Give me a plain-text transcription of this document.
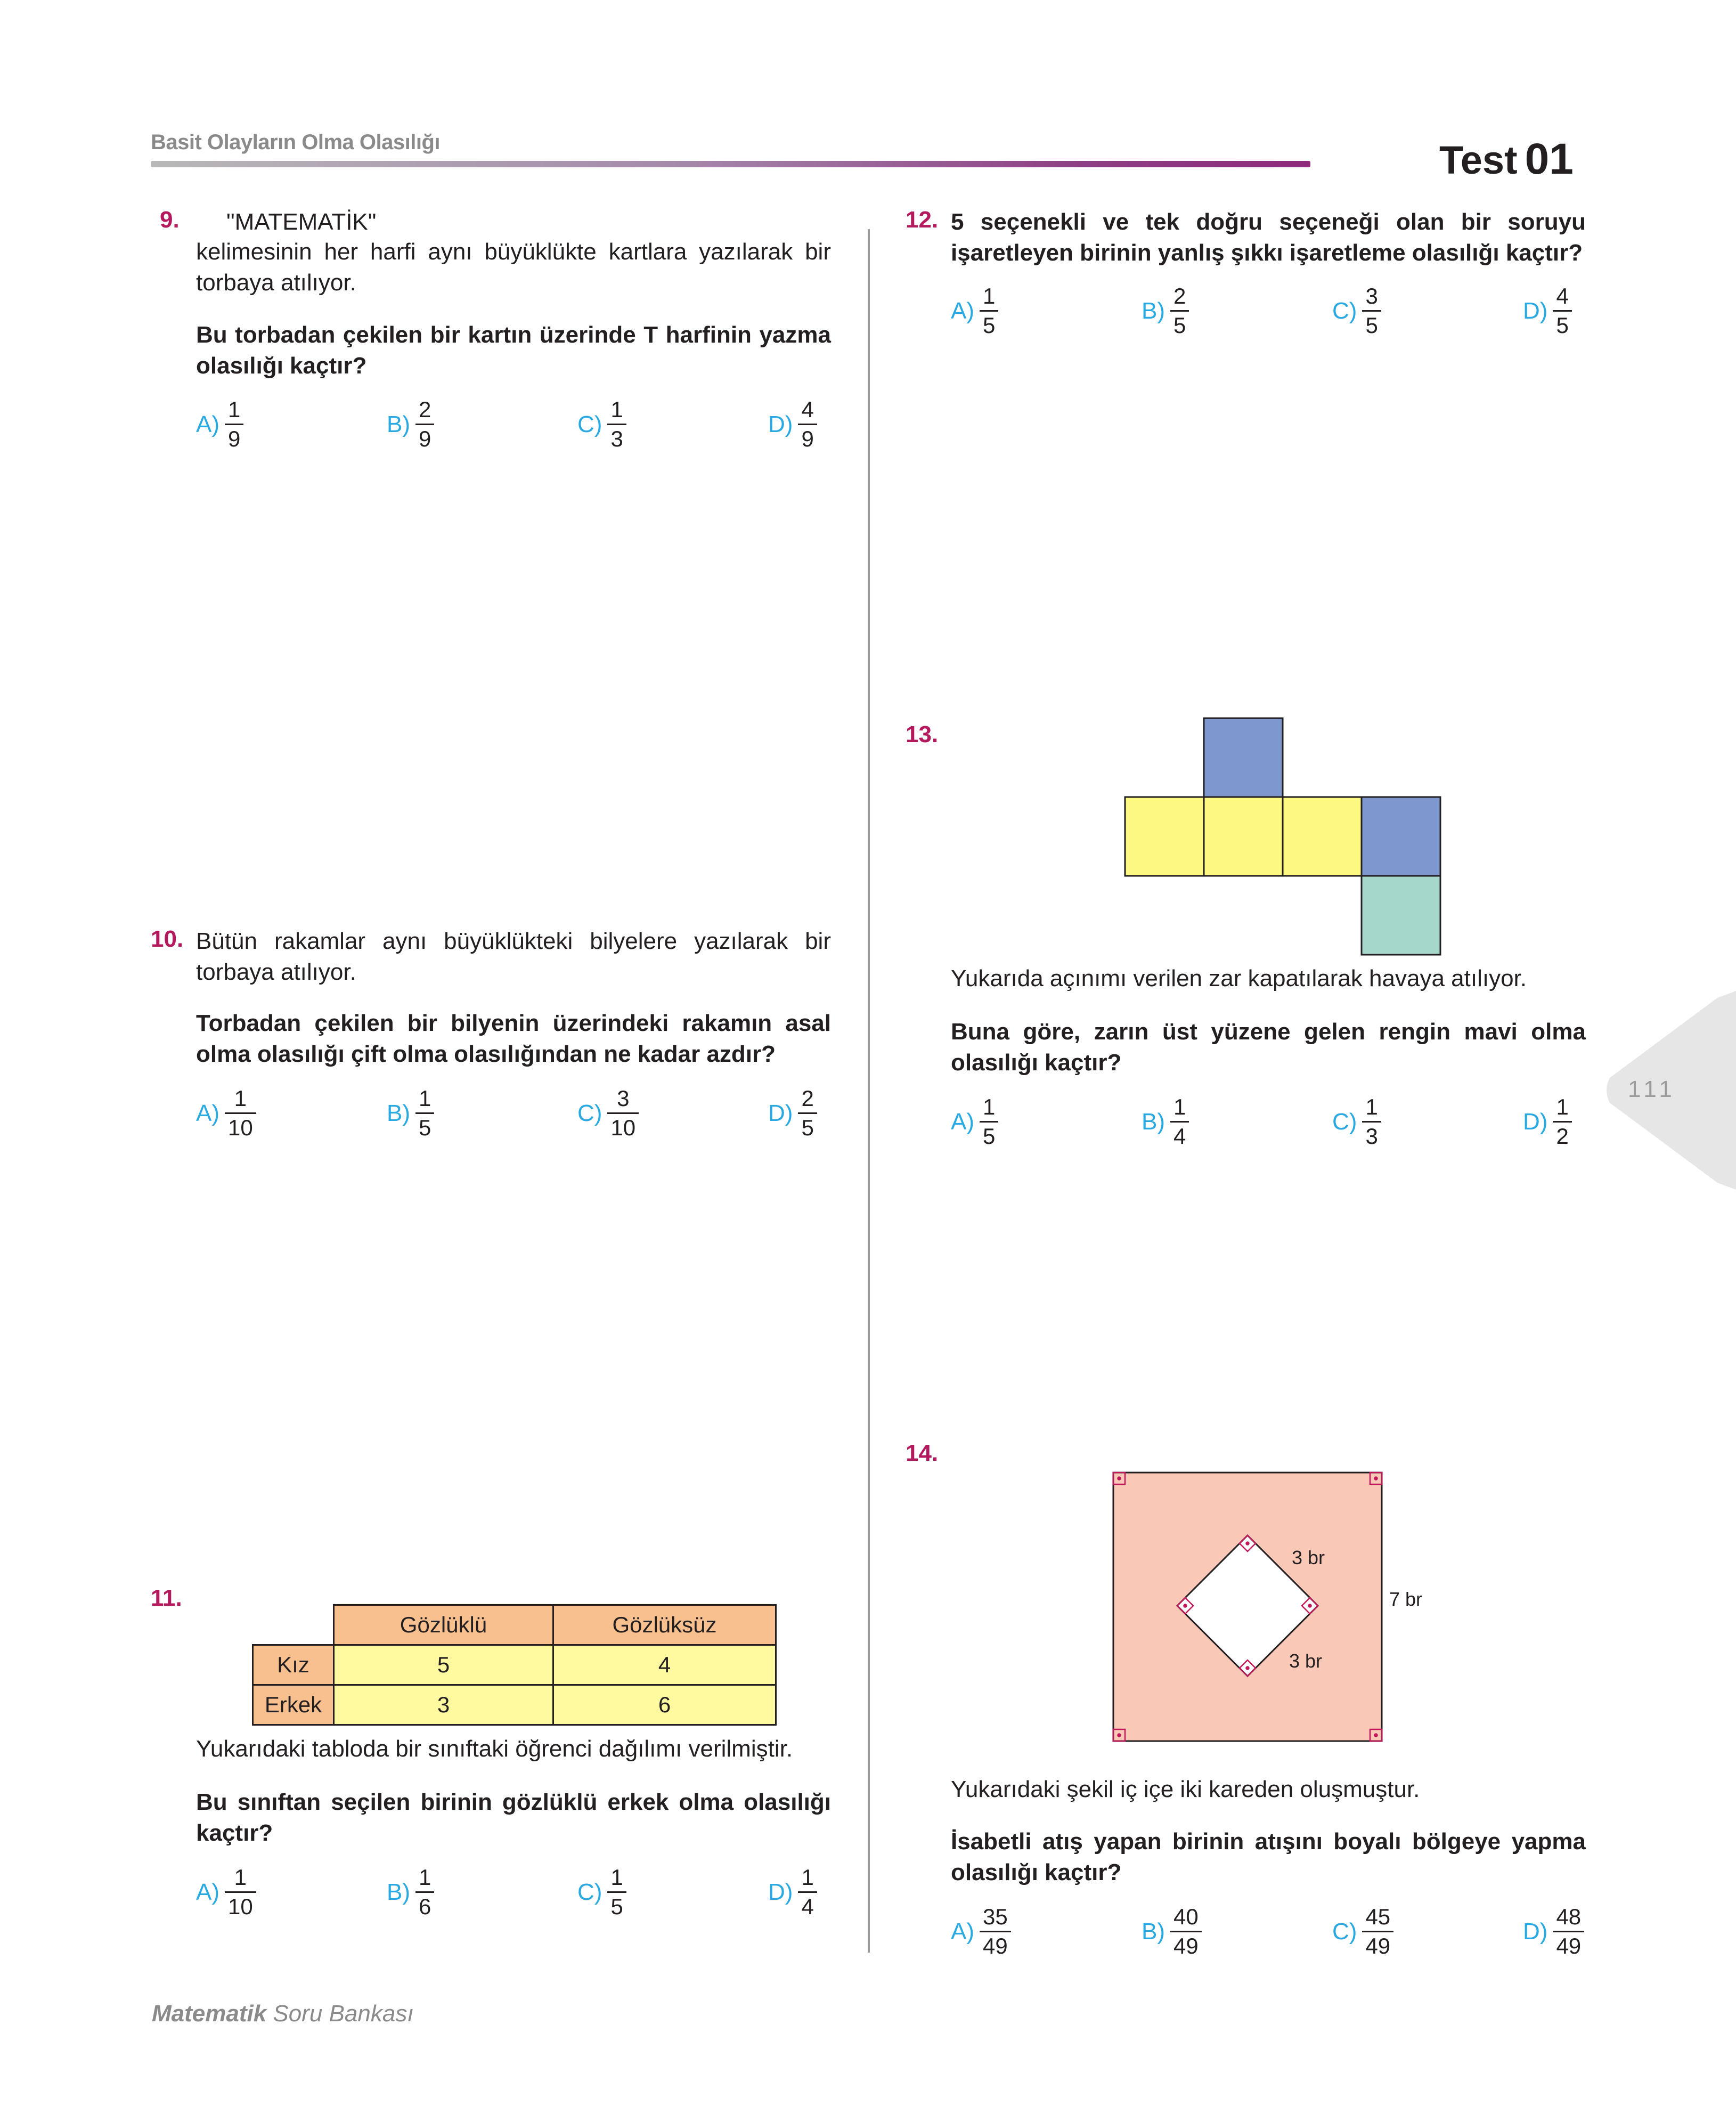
Basit Olayların Olma Olasılığı	Test 01
9. "MATEMATİK"
kelimesinin her harfi aynı büyüklükte kartlara yazılarak bir torbaya atılıyor.
Bu torbadan çekilen bir kartın üzerinde T harfinin yazma olasılığı kaçtır?
$A) \frac{1}{9}$	$B) \frac{2}{9}$	$C) \frac{1}{3}$	$D) \frac{4}{9}$
10. Bütün rakamlar aynı büyüklükteki bilyelere yazılarak bir torbaya atılıyor.
Torbadan çekilen bir bilyenin üzerindeki rakamın asal olma olasılığı çift olma olasılığından ne kadar azdır?
$A) \frac{1}{10}$	$B) \frac{1}{5}$	$C) \frac{3}{10}$	$D) \frac{2}{5}$
11.
	Gözlüklü	Gözlüksüz
Kız	5	4
Erkek	3	6
Yukarıdaki tabloda bir sınıftaki öğrenci dağılımı verilmiştir.
Bu sınıftan seçilen birinin gözlüklü erkek olma olasılığı kaçtır?
$A) \frac{1}{10}$	$B) \frac{1}{6}$	$C) \frac{1}{5}$	$D) \frac{1}{4}$
12. 5 seçenekli ve tek doğru seçeneği olan bir soruyu işaretleyen birinin yanlış şıkkı işaretleme olasılığı kaçtır?
$A) \frac{1}{5}$	$B) \frac{2}{5}$	$C) \frac{3}{5}$	$D) \frac{4}{5}$
13.
Yukarıda açınımı verilen zar kapatılarak havaya atılıyor.
Buna göre, zarın üst yüzene gelen rengin mavi olma olasılığı kaçtır?
$A) \frac{1}{5}$	$B) \frac{1}{4}$	$C) \frac{1}{3}$	$D) \frac{1}{2}$
14.
3 br
3 br
7 br
Yukarıdaki şekil iç içe iki kareden oluşmuştur.
İsabetli atış yapan birinin atışını boyalı bölgeye yapma olasılığı kaçtır?
$A) \frac{35}{49}$	$B) \frac{40}{49}$	$C) \frac{45}{49}$	$D) \frac{48}{49}$
111
Matematik Soru Bankası
